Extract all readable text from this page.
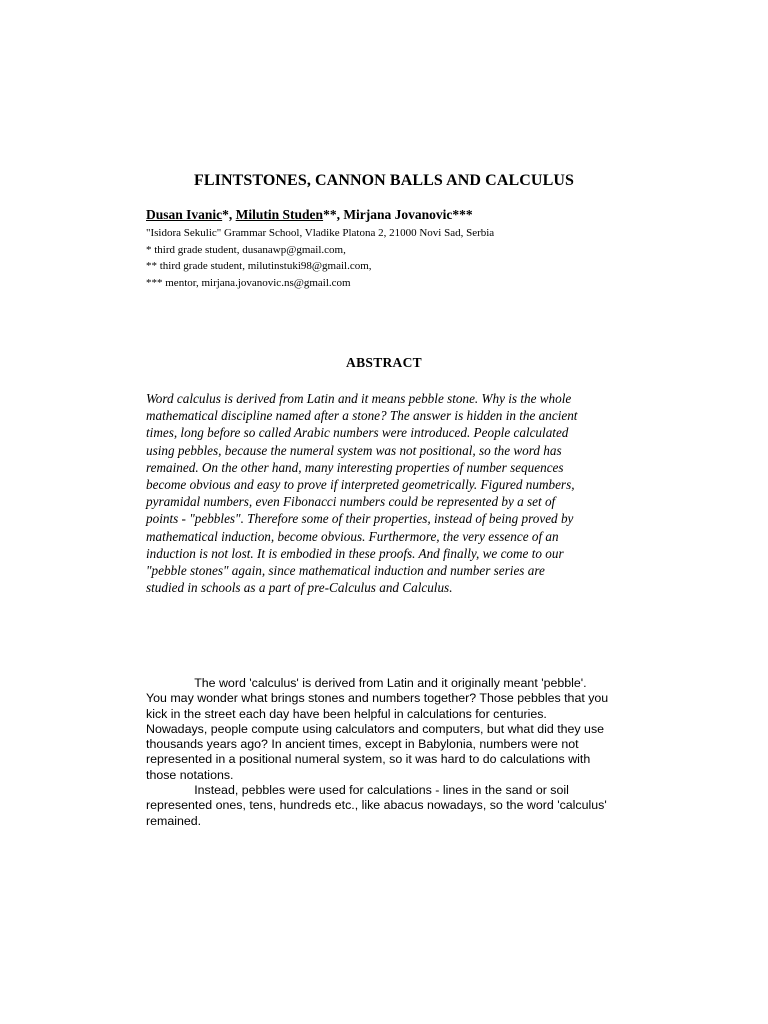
FLINTSTONES, CANNON BALLS AND CALCULUS
Dusan Ivanic*, Milutin Studen**, Mirjana Jovanovic***
"Isidora Sekulic" Grammar School, Vladike Platona 2, 21000 Novi Sad, Serbia
* third grade student, dusanawp@gmail.com,
** third grade student, milutinstuki98@gmail.com,
*** mentor, mirjana.jovanovic.ns@gmail.com
ABSTRACT
Word calculus is derived from Latin and it means pebble stone. Why is the whole
mathematical discipline named after a stone? The answer is hidden in the ancient
times, long before so called Arabic numbers were introduced. People calculated
using pebbles, because the numeral system was not positional, so the word has
remained. On the other hand, many interesting properties of number sequences
become obvious and easy to prove if interpreted geometrically. Figured numbers,
pyramidal numbers, even Fibonacci numbers could be represented by a set of
points - "pebbles". Therefore some of their properties, instead of being proved by
mathematical induction, become obvious. Furthermore, the very essence of an
induction is not lost. It is embodied in these proofs. And finally, we come to our
"pebble stones" again, since mathematical induction and number series are
studied in schools as a part of pre-Calculus and Calculus.
The word 'calculus' is derived from Latin and it originally meant 'pebble'.
You may wonder what brings stones and numbers together? Those pebbles that you
kick in the street each day have been helpful in calculations for centuries.
Nowadays, people compute using calculators and computers, but what did they use
thousands years ago? In ancient times, except in Babylonia, numbers were not
represented in a positional numeral system, so it was hard to do calculations with
those notations.
Instead, pebbles were used for calculations - lines in the sand or soil
represented ones, tens, hundreds etc., like abacus nowadays, so the word 'calculus'
remained.
